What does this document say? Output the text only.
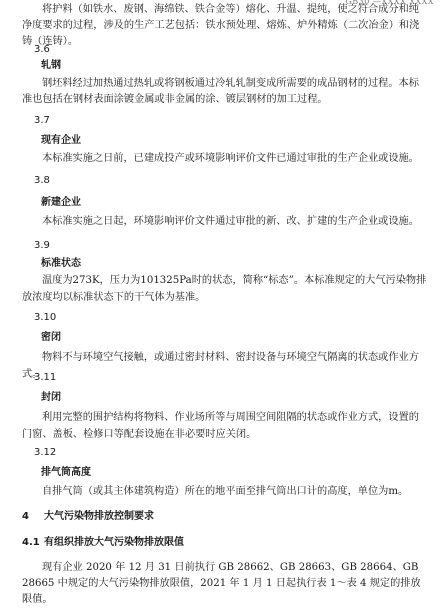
GB30 —XXXX XXXX
将护料（如铁水、废钢、海绵铁、铁合金等）熔化、升温、提纯，使之符合成分和纯净度要求的过程，涉及的生产工艺包括：铁水预处理、熔炼、炉外精炼（二次冶金）和浇铸（连铸）。
3.6
轧钢
钢坯料经过加热通过热轧或将钢板通过冷轧轧制变成所需要的成品钢材的过程。本标准也包括在钢材表面涂镀金属或非金属的涂、镀层钢材的加工过程。
3.7
现有企业
本标准实施之日前，已建成投产或环境影响评价文件已通过审批的生产企业或设施。
3.8
新建企业
本标准实施之日起，环境影响评价文件通过审批的新、改、扩建的生产企业或设施。
3.9
标准状态
温度为273K，压力为101325Pa时的状态，简称“标态”。本标准规定的大气污染物排放浓度均以标准状态下的干气体为基准。
3.10
密闭
物料不与环境空气接触，或通过密封材料、密封设备与环境空气隔离的状态或作业方式。
3.11
封闭
利用完整的围护结构将物料、作业场所等与周围空间阻隔的状态或作业方式，设置的门窗、盖板、检修口等配套设施在非必要时应关闭。
3.12
排气筒高度
自排气筒（或其主体建筑构造）所在的地平面至排气筒出口计的高度，单位为m。
4 大气污染物排放控制要求
4.1 有组织排放大气污染物排放限值
现有企业 2020 年 12 月 31 日前执行 GB 28662、GB 28663、GB 28664、GB 28665 中规定的大气污染物排放限值，2021 年 1 月 1 日起执行表 1～表 4 规定的排放限值。
